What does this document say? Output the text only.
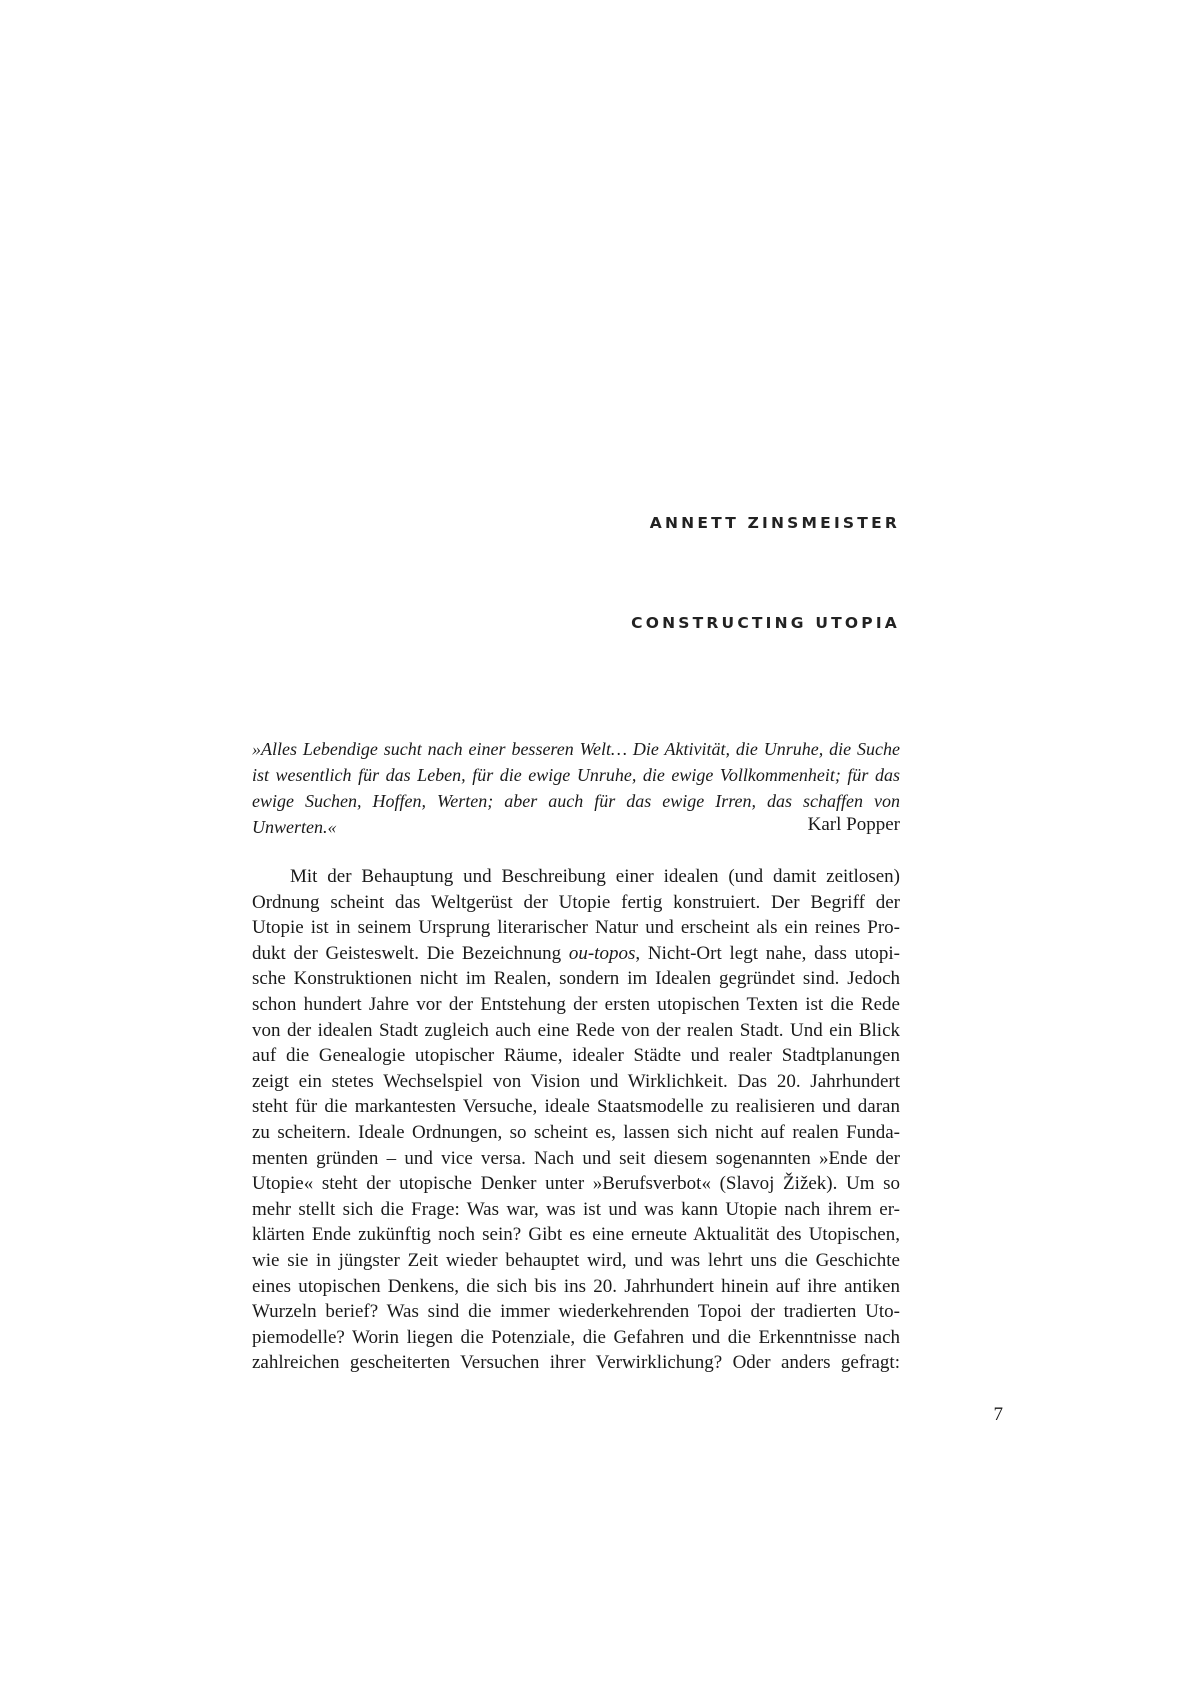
ANNETT ZINSMEISTER
CONSTRUCTING UTOPIA
»Alles Lebendige sucht nach einer besseren Welt… Die Aktivität, die Unruhe, die Suche ist wesentlich für das Leben, für die ewige Unruhe, die ewige Vollkommenheit; für das ewige Suchen, Hoffen, Werten; aber auch für das ewige Irren, das schaffen von Unwerten.«	Karl Popper
Mit der Behauptung und Beschreibung einer idealen (und damit zeitlosen)
Ordnung scheint das Weltgerüst der Utopie fertig konstruiert. Der Begriff der
Utopie ist in seinem Ursprung literarischer Natur und erscheint als ein reines Pro-
dukt der Geisteswelt. Die Bezeichnung ou-topos, Nicht-Ort legt nahe, dass utopi-
sche Konstruktionen nicht im Realen, sondern im Idealen gegründet sind. Jedoch
schon hundert Jahre vor der Entstehung der ersten utopischen Texten ist die Rede
von der idealen Stadt zugleich auch eine Rede von der realen Stadt. Und ein Blick
auf die Genealogie utopischer Räume, idealer Städte und realer Stadtplanungen
zeigt ein stetes Wechselspiel von Vision und Wirklichkeit. Das 20. Jahrhundert
steht für die markantesten Versuche, ideale Staatsmodelle zu realisieren und daran
zu scheitern. Ideale Ordnungen, so scheint es, lassen sich nicht auf realen Funda-
menten gründen – und vice versa. Nach und seit diesem sogenannten »Ende der
Utopie« steht der utopische Denker unter »Berufsverbot« (Slavoj Žižek). Um so
mehr stellt sich die Frage: Was war, was ist und was kann Utopie nach ihrem er-
klärten Ende zukünftig noch sein? Gibt es eine erneute Aktualität des Utopischen,
wie sie in jüngster Zeit wieder behauptet wird, und was lehrt uns die Geschichte
eines utopischen Denkens, die sich bis ins 20. Jahrhundert hinein auf ihre antiken
Wurzeln berief? Was sind die immer wiederkehrenden Topoi der tradierten Uto-
piemodelle? Worin liegen die Potenziale, die Gefahren und die Erkenntnisse nach
zahlreichen gescheiterten Versuchen ihrer Verwirklichung? Oder anders gefragt:
7
